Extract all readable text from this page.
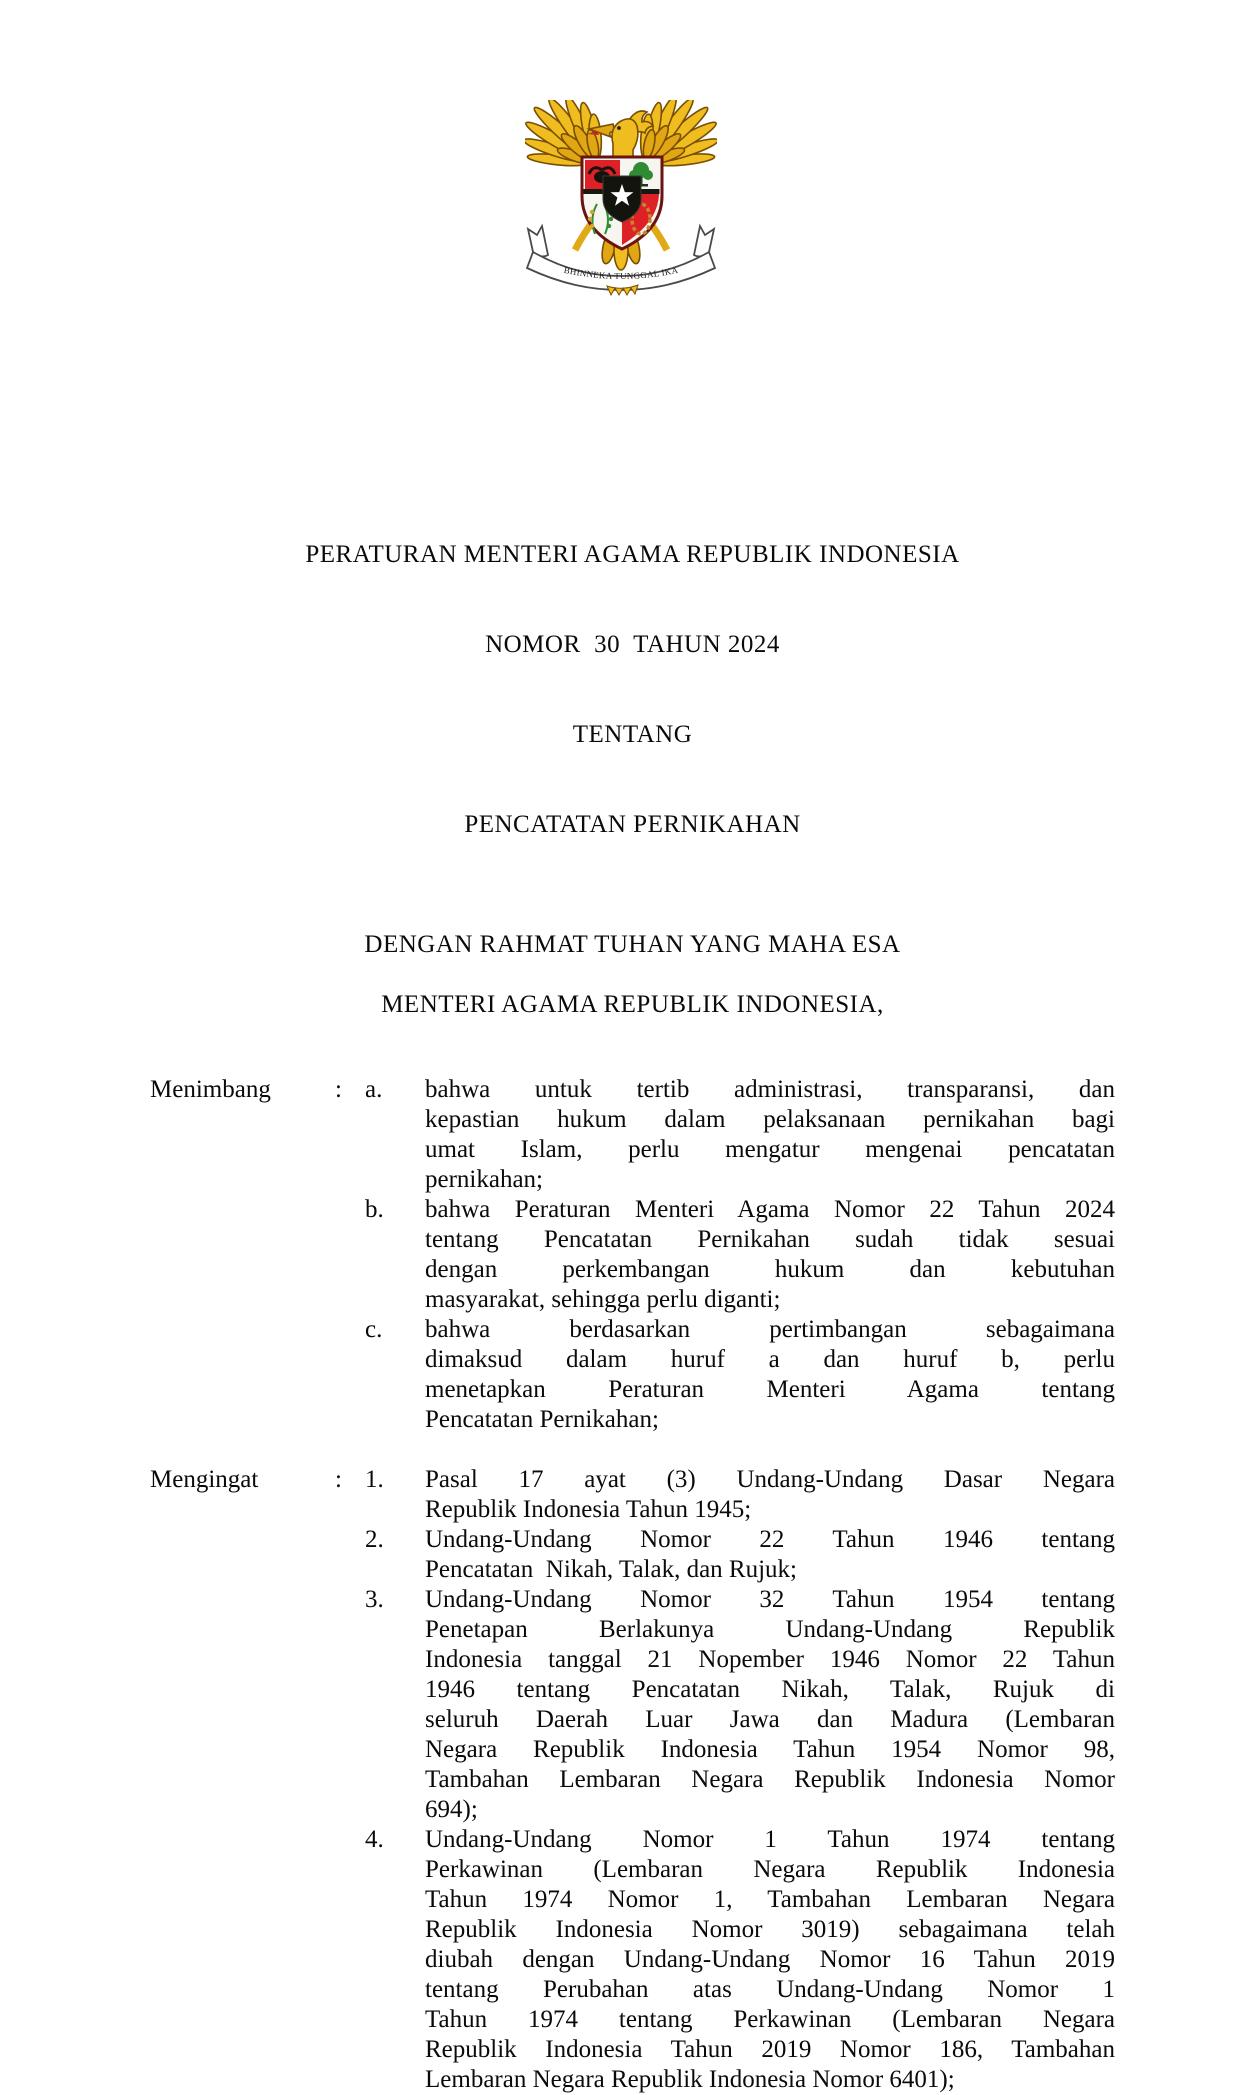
BHINNEKA TUNGGAL IKA

PERATURAN MENTERI AGAMA REPUBLIK INDONESIA

NOMOR  30  TAHUN 2024

TENTANG

PENCATATAN PERNIKAHAN

DENGAN RAHMAT TUHAN YANG MAHA ESA
MENTERI AGAMA REPUBLIK INDONESIA,
Menimbang	: a.	bahwa untuk tertib administrasi, transparansi, dan
kepastian hukum dalam pelaksanaan pernikahan bagi
umat Islam, perlu mengatur mengenai pencatatan
pernikahan;
b.	bahwa Peraturan Menteri Agama Nomor 22 Tahun 2024
tentang Pencatatan Pernikahan sudah tidak sesuai
dengan perkembangan hukum dan kebutuhan
masyarakat, sehingga perlu diganti;
c.	bahwa berdasarkan pertimbangan sebagaimana
dimaksud dalam huruf a dan huruf b, perlu
menetapkan Peraturan Menteri Agama tentang
Pencatatan Pernikahan;
Mengingat	: 1.	Pasal 17 ayat (3) Undang-Undang Dasar Negara
Republik Indonesia Tahun 1945;
2.	Undang-Undang Nomor 22 Tahun 1946 tentang
Pencatatan  Nikah, Talak, dan Rujuk;
3.	Undang-Undang Nomor 32 Tahun 1954 tentang
Penetapan Berlakunya Undang-Undang Republik
Indonesia tanggal 21 Nopember 1946 Nomor 22 Tahun
1946 tentang Pencatatan Nikah, Talak, Rujuk di
seluruh Daerah Luar Jawa dan Madura (Lembaran
Negara Republik Indonesia Tahun 1954 Nomor 98,
Tambahan Lembaran Negara Republik Indonesia Nomor
694);
4.	Undang-Undang Nomor 1 Tahun 1974 tentang
Perkawinan (Lembaran Negara Republik Indonesia
Tahun 1974 Nomor 1, Tambahan Lembaran Negara
Republik Indonesia Nomor 3019) sebagaimana telah
diubah dengan Undang-Undang Nomor 16 Tahun 2019
tentang Perubahan atas Undang-Undang Nomor 1
Tahun 1974 tentang Perkawinan (Lembaran Negara
Republik Indonesia Tahun 2019 Nomor 186, Tambahan
Lembaran Negara Republik Indonesia Nomor 6401);
